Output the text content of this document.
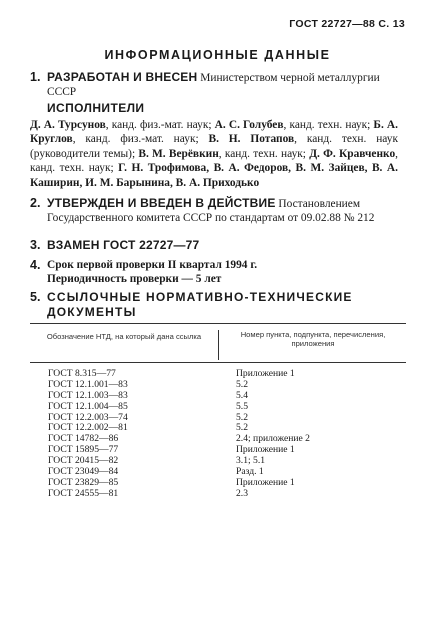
ГОСТ 22727—88 С. 13
ИНФОРМАЦИОННЫЕ ДАННЫЕ
1. РАЗРАБОТАН И ВНЕСЕН Министерством черной металлургии СССР
ИСПОЛНИТЕЛИ
Д. А. Турсунов, канд. физ.-мат. наук; А. С. Голубев, канд. техн. наук; Б. А. Круглов, канд. физ.-мат. наук; В. Н. Потапов, канд. техн. наук (руководители темы); В. М. Верёвкин, канд. техн. наук; Д. Ф. Кравченко, канд. техн. наук; Г. Н. Трофимова, В. А. Федоров, В. М. Зайцев, В. А. Каширин, И. М. Барынина, В. А. Приходько
2. УТВЕРЖДЕН И ВВЕДЕН В ДЕЙСТВИЕ Постановлением Государственного комитета СССР по стандартам от 09.02.88 № 212
3. ВЗАМЕН ГОСТ 22727—77
4. Срок первой проверки II квартал 1994 г.
Периодичность проверки — 5 лет
5. ССЫЛОЧНЫЕ НОРМАТИВНО-ТЕХНИЧЕСКИЕ ДОКУМЕНТЫ
Обозначение НТД, на который дана ссылка	Номер пункта, подпункта, перечисления, приложения
ГОСТ 8.315—77	Приложение 1
ГОСТ 12.1.001—83	5.2
ГОСТ 12.1.003—83	5.4
ГОСТ 12.1.004—85	5.5
ГОСТ 12.2.003—74	5.2
ГОСТ 12.2.002—81	5.2
ГОСТ 14782—86	2.4; приложение 2
ГОСТ 15895—77	Приложение 1
ГОСТ 20415—82	3.1; 5.1
ГОСТ 23049—84	Разд. 1
ГОСТ 23829—85	Приложение 1
ГОСТ 24555—81	2.3
